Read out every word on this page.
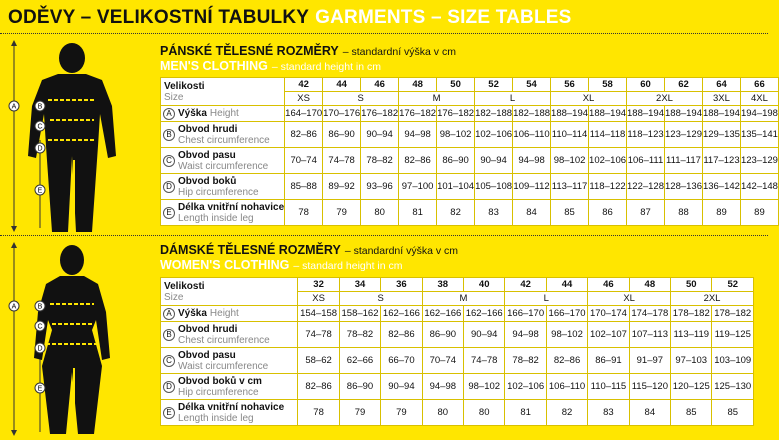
ODĚVY – VELIKOSTNÍ TABULKY GARMENTS – SIZE TABLES
A	B
C
D
E
A	B
C
D
E
PÁNSKÉ TĚLESNÉ ROZMĚRY – standardní výška v cm
MEN'S CLOTHING – standard height in cm
Velikosti
Size	42	44	46	48	50	52	54	56	58	60	62	64	66
	XS	S		M		L		XL		2XL		3XL	4XL
A Výška Height	164–170	170–176	176–182	176–182	176–182	182–188	182–188	188–194	188–194	188–194	188–194	188–194	194–198
B Obvod hrudi
Chest circumference	82–86	86–90	90–94	94–98	98–102	102–106	106–110	110–114	114–118	118–123	123–129	129–135	135–141
C Obvod pasu
Waist circumference	70–74	74–78	78–82	82–86	86–90	90–94	94–98	98–102	102–106	106–111	111–117	117–123	123–129
D Obvod boků
Hip circumference	85–88	89–92	93–96	97–100	101–104	105–108	109–112	113–117	118–122	122–128	128–136	136–142	142–148
E Délka vnitřní nohavice
Length inside leg	78	79	80	81	82	83	84	85	86	87	88	89	89
DÁMSKÉ TĚLESNÉ ROZMĚRY – standardní výška v cm
WOMEN'S CLOTHING – standard height in cm
Velikosti
Size	32	34	36	38	40	42	44	46	48	50	52
	XS	S		M		L		XL		2XL	
A Výška Height	154–158	158–162	162–166	162–166	162–166	166–170	166–170	170–174	174–178	178–182	178–182
B Obvod hrudi
Chest circumference	74–78	78–82	82–86	86–90	90–94	94–98	98–102	102–107	107–113	113–119	119–125
C Obvod pasu
Waist circumference	58–62	62–66	66–70	70–74	74–78	78–82	82–86	86–91	91–97	97–103	103–109
D Obvod boků v cm
Hip circumference	82–86	86–90	90–94	94–98	98–102	102–106	106–110	110–115	115–120	120–125	125–130
E Délka vnitřní nohavice
Length inside leg	78	79	79	80	80	81	82	83	84	85	85
